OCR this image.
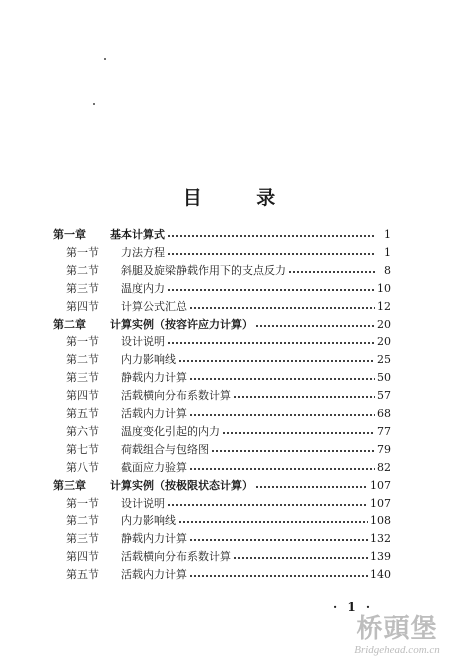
目 录
第一章	基本计算式	1
第一节	力法方程	1
第二节	斜腿及旋梁静载作用下的支点反力	8
第三节	温度内力	10
第四节	计算公式汇总	12
第二章	计算实例（按容许应力计算）	20
第一节	设计说明	20
第二节	内力影响线	25
第三节	静载内力计算	50
第四节	活载横向分布系数计算	57
第五节	活载内力计算	68
第六节	温度变化引起的内力	77
第七节	荷载组合与包络图	79
第八节	截面应力验算	82
第三章	计算实例（按极限状态计算）	107
第一节	设计说明	107
第二节	内力影响线	108
第三节	静载内力计算	132
第四节	活载横向分布系数计算	139
第五节	活载内力计算	140
· 1 ·
桥頭堡
Bridgehead.com.cn
